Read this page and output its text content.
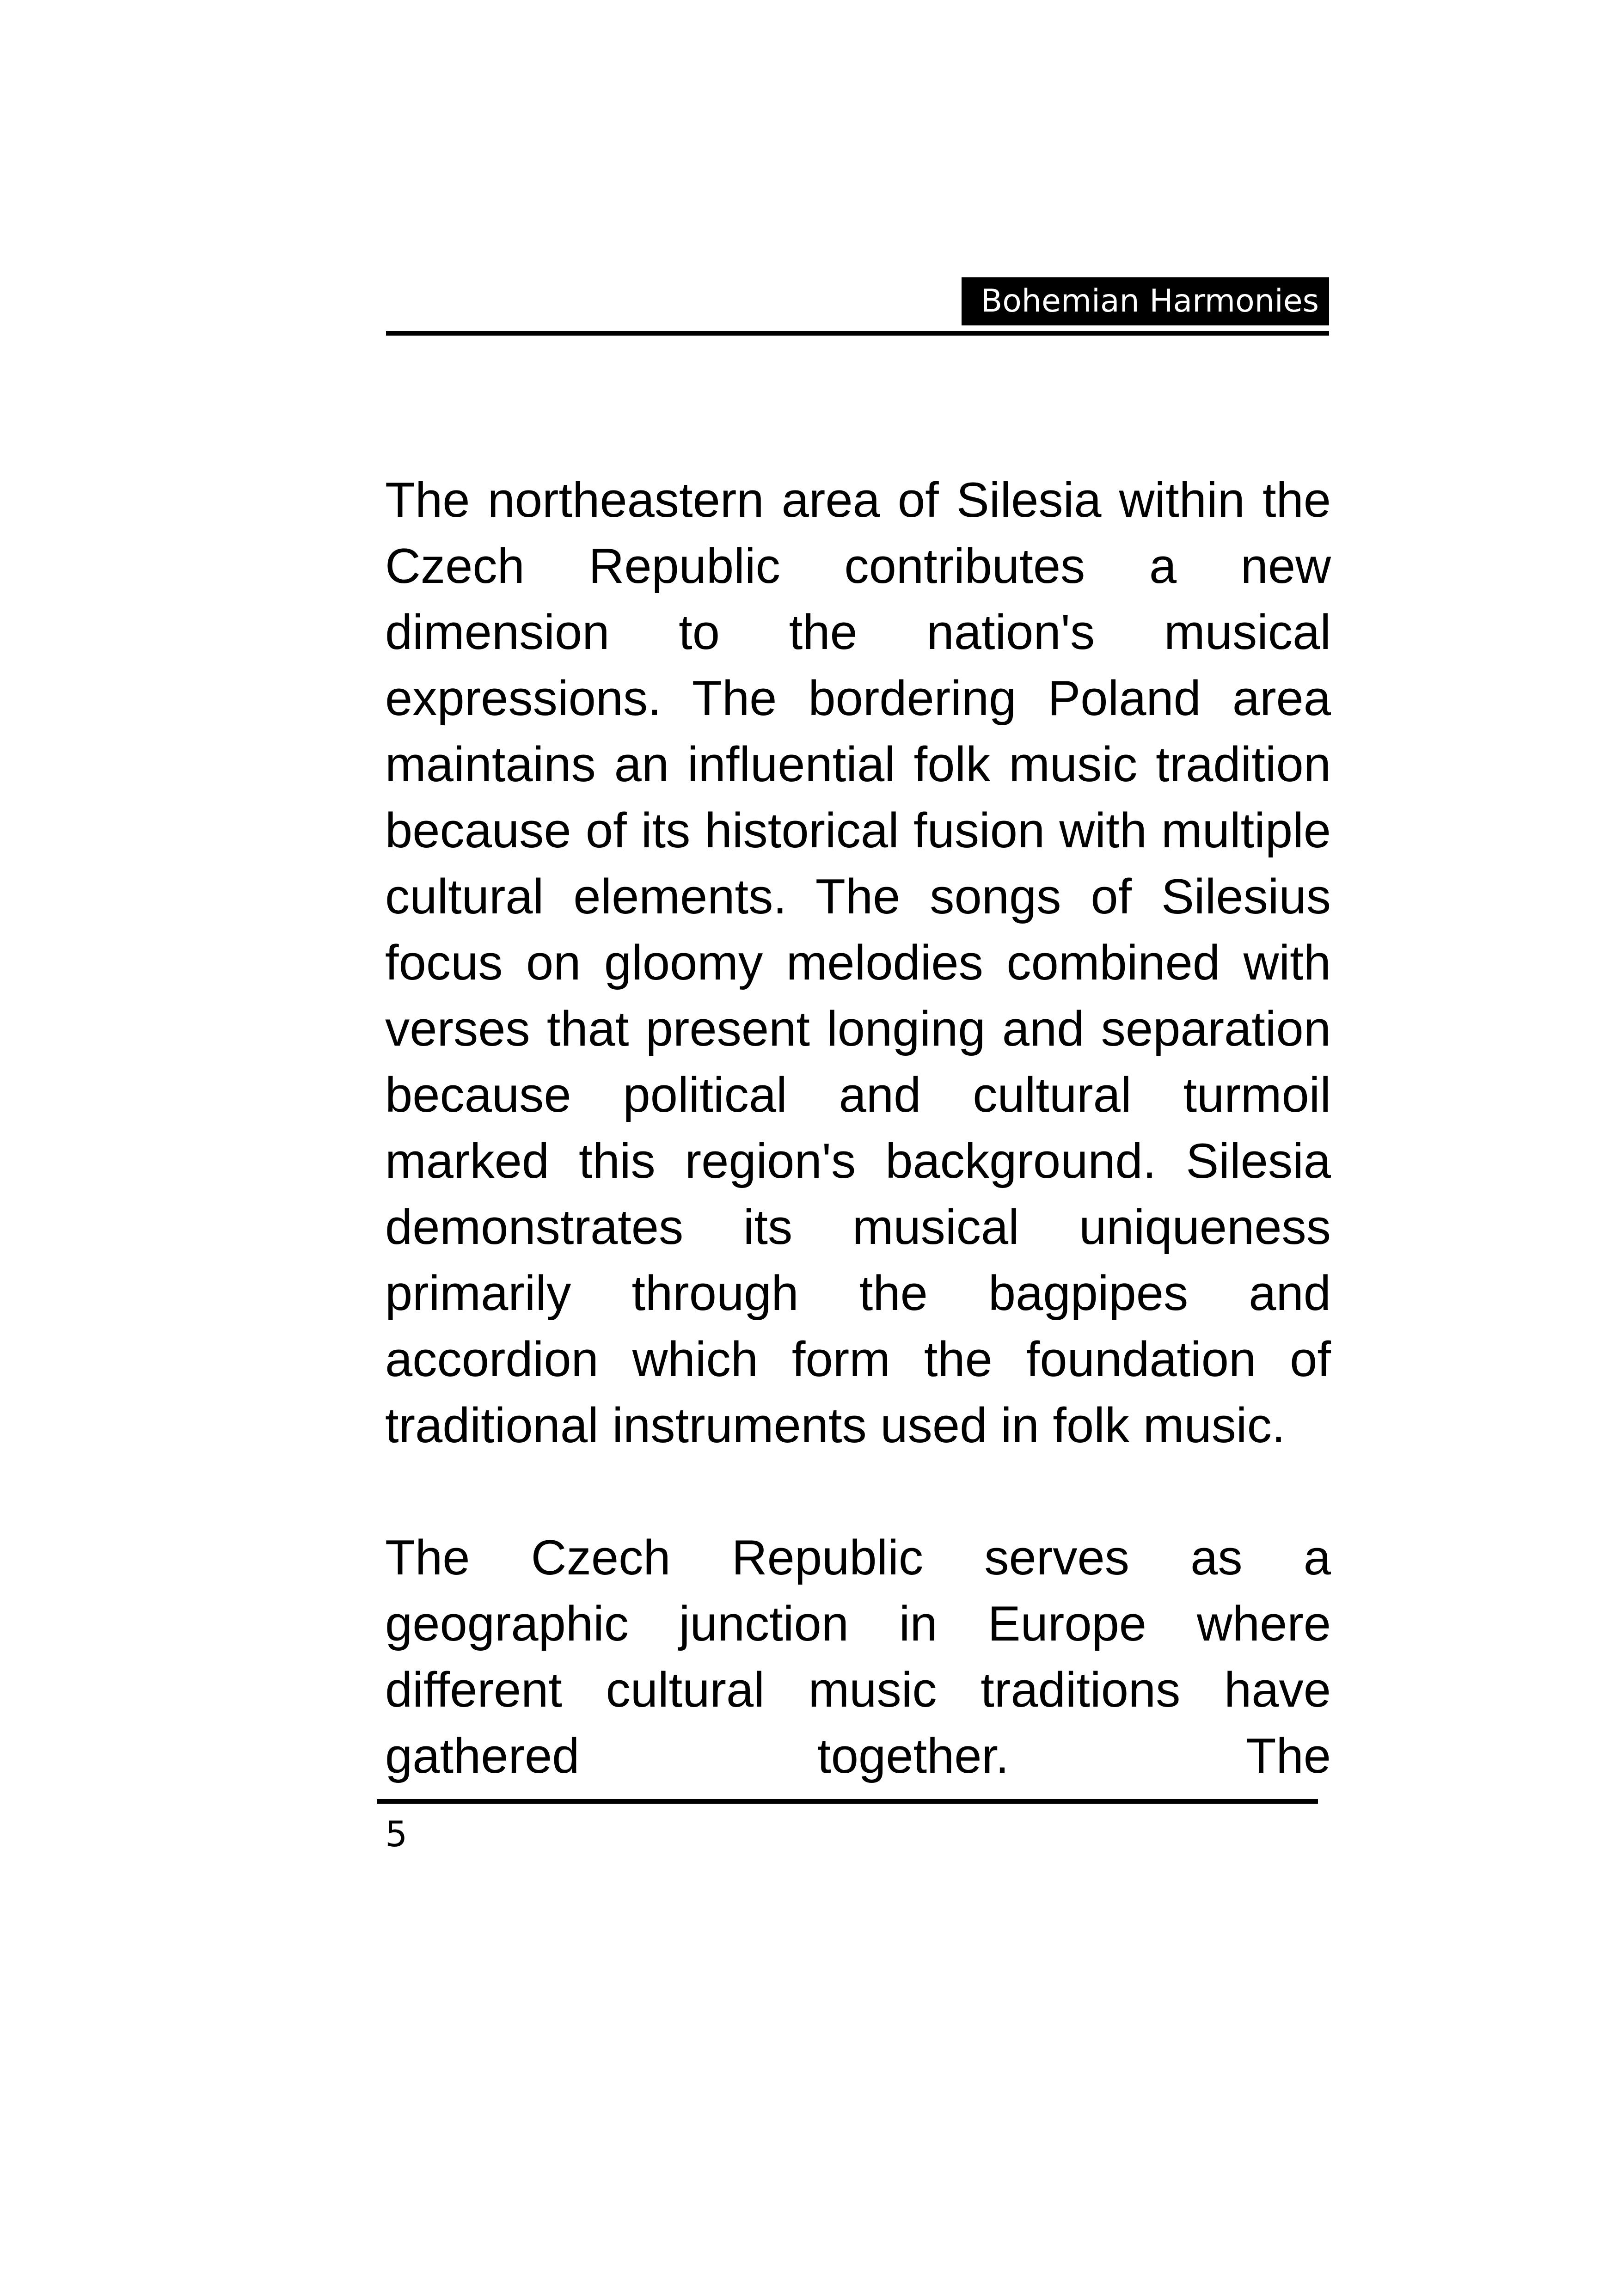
Bohemian Harmonies

The northeastern area of Silesia within the Czech Republic contributes a new dimension to the nation's musical expressions. The bordering Poland area maintains an influential folk music tradition because of its historical fusion with multiple cultural elements. The songs of Silesius focus on gloomy melodies combined with verses that present longing and separation because political and cultural turmoil marked this region's background. Silesia demonstrates its musical uniqueness primarily through the bagpipes and accordion which form the foundation of traditional instruments used in folk music.

The Czech Republic serves as a geographic junction in Europe where different cultural music traditions have gathered together. The

5
